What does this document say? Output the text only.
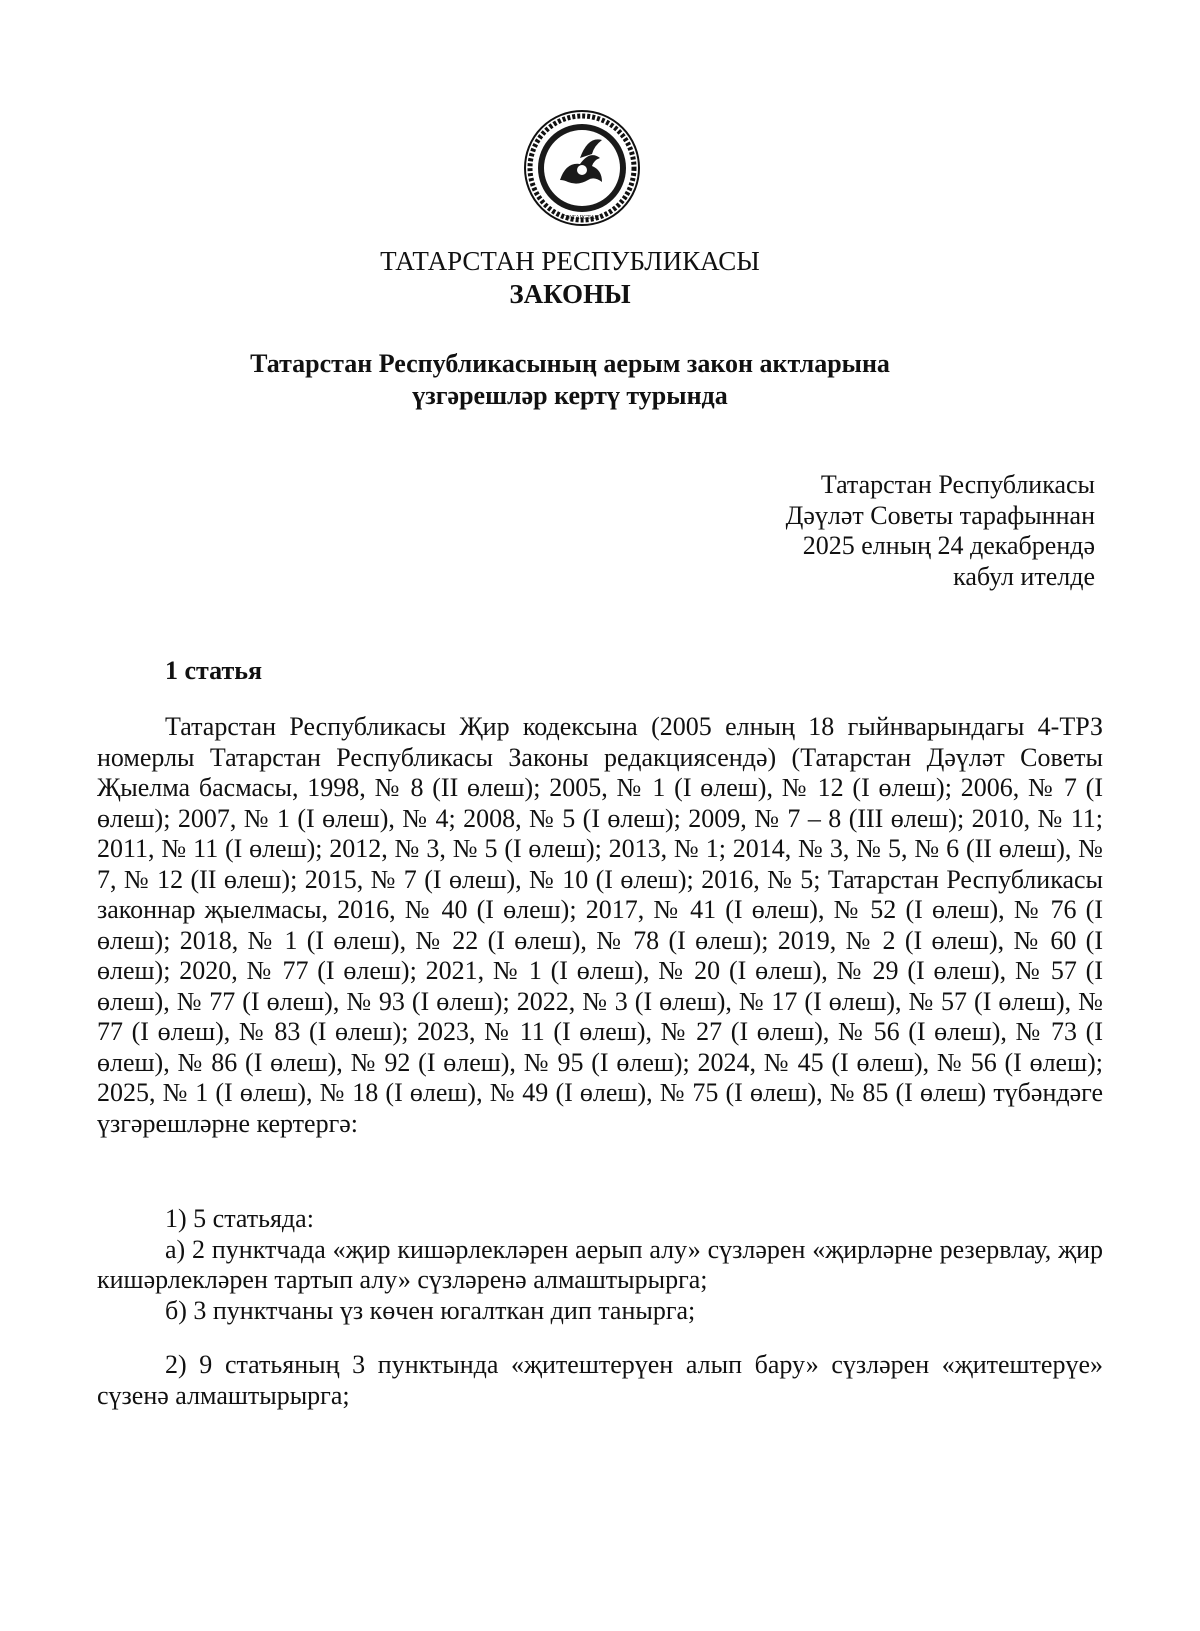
ТАТАРСТАН
ТАТАРСТАН РЕСПУБЛИКАСЫ
ЗАКОНЫ
Татарстан Республикасының аерым закон актларына
үзгәрешләр кертү турында
Татарстан Республикасы
Дәүләт Советы тарафыннан
2025 елның 24 декабрендә
кабул ителде
1 статья

Татарстан Республикасы Җир кодексына (2005 елның 18 гыйнварындагы 4-ТРЗ номерлы Татарстан Республикасы Законы редакциясендә) (Татарстан Дәүләт Советы Җыелма басмасы, 1998, № 8 (II өлеш); 2005, № 1 (I өлеш), № 12 (I өлеш); 2006, № 7 (I өлеш); 2007, № 1 (I өлеш), № 4; 2008, № 5 (I өлеш); 2009, № 7 – 8 (III өлеш); 2010, № 11; 2011, № 11 (I өлеш); 2012, № 3, № 5 (I өлеш); 2013, № 1; 2014, № 3, № 5, № 6 (II өлеш), № 7, № 12 (II өлеш); 2015, № 7 (I өлеш), № 10 (I өлеш); 2016, № 5; Татарстан Республикасы законнар җыелмасы, 2016, № 40 (I өлеш); 2017, № 41 (I өлеш), № 52 (I өлеш), № 76 (I өлеш); 2018, № 1 (I өлеш), № 22 (I өлеш), № 78 (I өлеш); 2019, № 2 (I өлеш), № 60 (I өлеш); 2020, № 77 (I өлеш); 2021, № 1 (I өлеш), № 20 (I өлеш), № 29 (I өлеш), № 57 (I өлеш), № 77 (I өлеш), № 93 (I өлеш); 2022, № 3 (I өлеш), № 17 (I өлеш), № 57 (I өлеш), № 77 (I өлеш), № 83 (I өлеш); 2023, № 11 (I өлеш), № 27 (I өлеш), № 56 (I өлеш), № 73 (I өлеш), № 86 (I өлеш), № 92 (I өлеш), № 95 (I өлеш); 2024, № 45 (I өлеш), № 56 (I өлеш); 2025, № 1 (I өлеш), № 18 (I өлеш), № 49 (I өлеш), № 75 (I өлеш), № 85 (I өлеш) түбәндәге үзгәрешләрне кертергә:

1) 5 статьяда:

а) 2 пунктчада «җир кишәрлекләрен аерып алу» сүзләрен «җирләрне резервлау, җир кишәрлекләрен тартып алу» сүзләренә алмаштырырга;

б) 3 пунктчаны үз көчен югалткан дип танырга;

2) 9 статьяның 3 пунктында «җитештерүен алып бару» сүзләрен «җитештерүе» сүзенә алмаштырырга;
